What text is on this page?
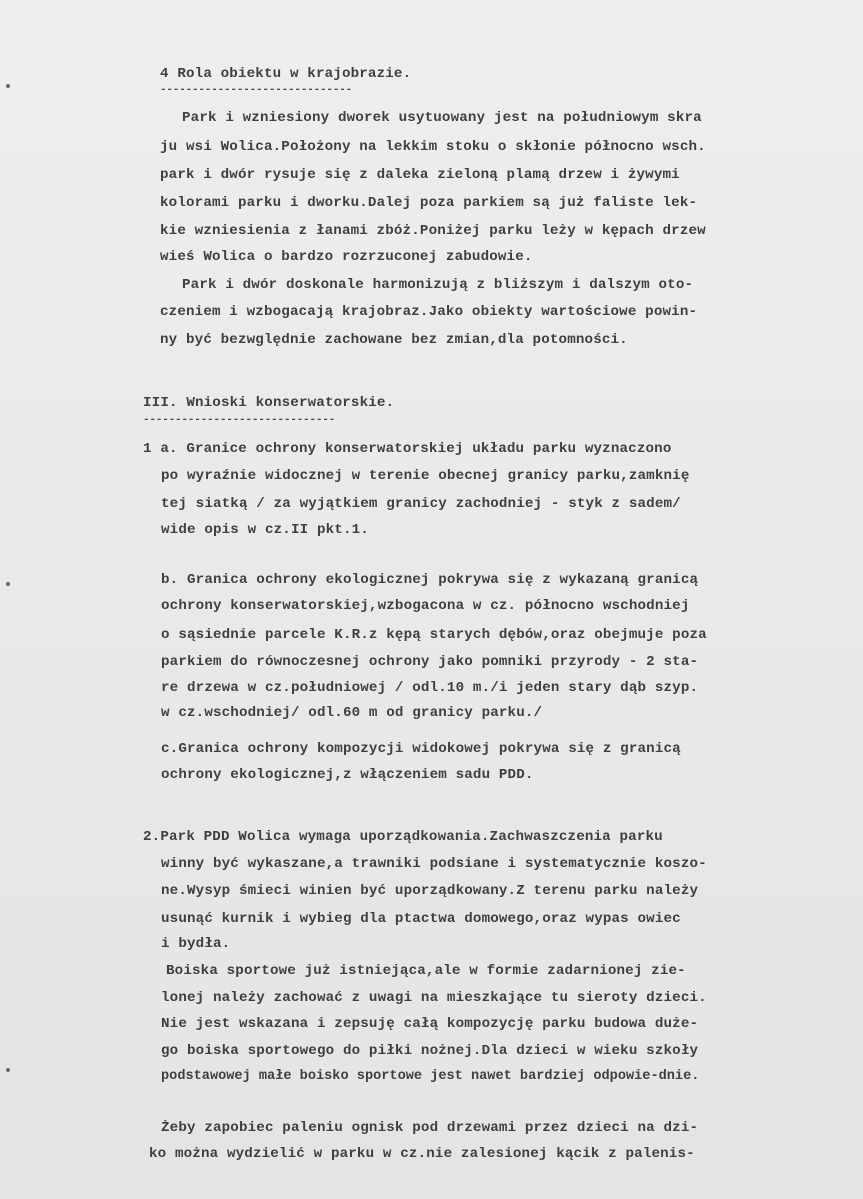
4 Rola obiektu w krajobrazie.
------------------------------
Park i wzniesiony dworek usytuowany jest na południowym skra
ju wsi Wolica.Położony na lekkim stoku o skłonie północno wsch.
park i dwór rysuje się z daleka zieloną plamą drzew i żywymi
kolorami parku i dworku.Dalej poza parkiem są już faliste lek-
kie wzniesienia z łanami zbóż.Poniżej parku leży w kępach drzew
wieś Wolica o bardzo rozrzuconej zabudowie.
Park i dwór doskonale harmonizują z bliższym i dalszym oto-
czeniem i wzbogacają krajobraz.Jako obiekty wartościowe powin-
ny być bezwględnie zachowane bez zmian,dla potomności.
III. Wnioski konserwatorskie.
------------------------------
1 a. Granice ochrony konserwatorskiej układu parku wyznaczono
po wyraźnie widocznej w terenie obecnej granicy parku,zamknię
tej siatką / za wyjątkiem granicy zachodniej - styk z sadem/
wide opis w cz.II pkt.1.
b. Granica ochrony ekologicznej pokrywa się z wykazaną granicą
ochrony konserwatorskiej,wzbogacona w cz. północno wschodniej
o sąsiednie parcele K.R.z kępą starych dębów,oraz obejmuje poza
parkiem do równoczesnej ochrony jako pomniki przyrody - 2 sta-
re drzewa w cz.południowej / odl.10 m./i jeden stary dąb szyp.
w cz.wschodniej/ odl.60 m od granicy parku./
c.Granica ochrony kompozycji widokowej pokrywa się z granicą
ochrony ekologicznej,z włączeniem sadu PDD.
2.Park PDD Wolica wymaga uporządkowania.Zachwaszczenia parku
winny być wykaszane,a trawniki podsiane i systematycznie koszo-
ne.Wysyp śmieci winien być uporządkowany.Z terenu parku należy
usunąć kurnik i wybieg dla ptactwa domowego,oraz wypas owiec
i bydła.
Boiska sportowe już istniejąca,ale w formie zadarnionej zie-
lonej należy zachować z uwagi na mieszkające tu sieroty dzieci.
Nie jest wskazana i zepsuję całą kompozycję parku budowa duże-
go boiska sportowego do piłki nożnej.Dla dzieci w wieku szkoły
podstawowej małe boisko sportowe jest nawet bardziej odpowie-dnie.
Żeby zapobiec paleniu ognisk pod drzewami przez dzieci na dzi-
ko można wydzielić w parku w cz.nie zalesionej kącik z palenis-
